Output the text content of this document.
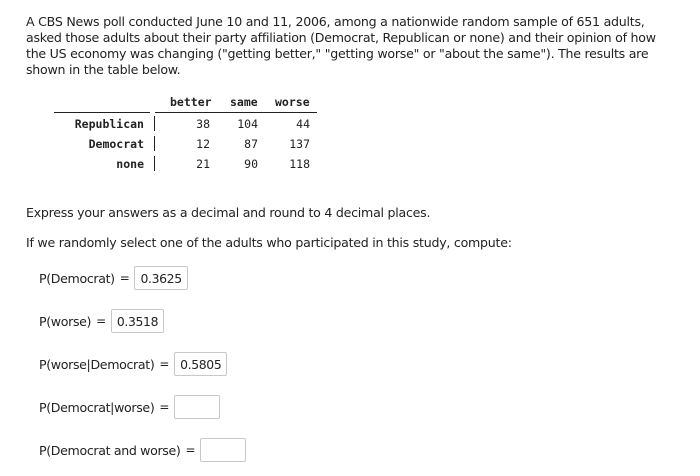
A CBS News poll conducted June 10 and 11, 2006, among a nationwide random sample of 651 adults, asked those adults about their party affiliation (Democrat, Republican or none) and their opinion of how the US economy was changing ("getting better," "getting worse" or "about the same"). The results are shown in the table below.

better same worse
Republican	38	104	44
Democrat	12	87	137
none	21	90	118

Express your answers as a decimal and round to 4 decimal places.

If we randomly select one of the adults who participated in this study, compute:

P(Democrat) = 0.3625
P(worse) = 0.3518
P(worse|Democrat) = 0.5805
P(Democrat|worse) =
P(Democrat and worse) =
